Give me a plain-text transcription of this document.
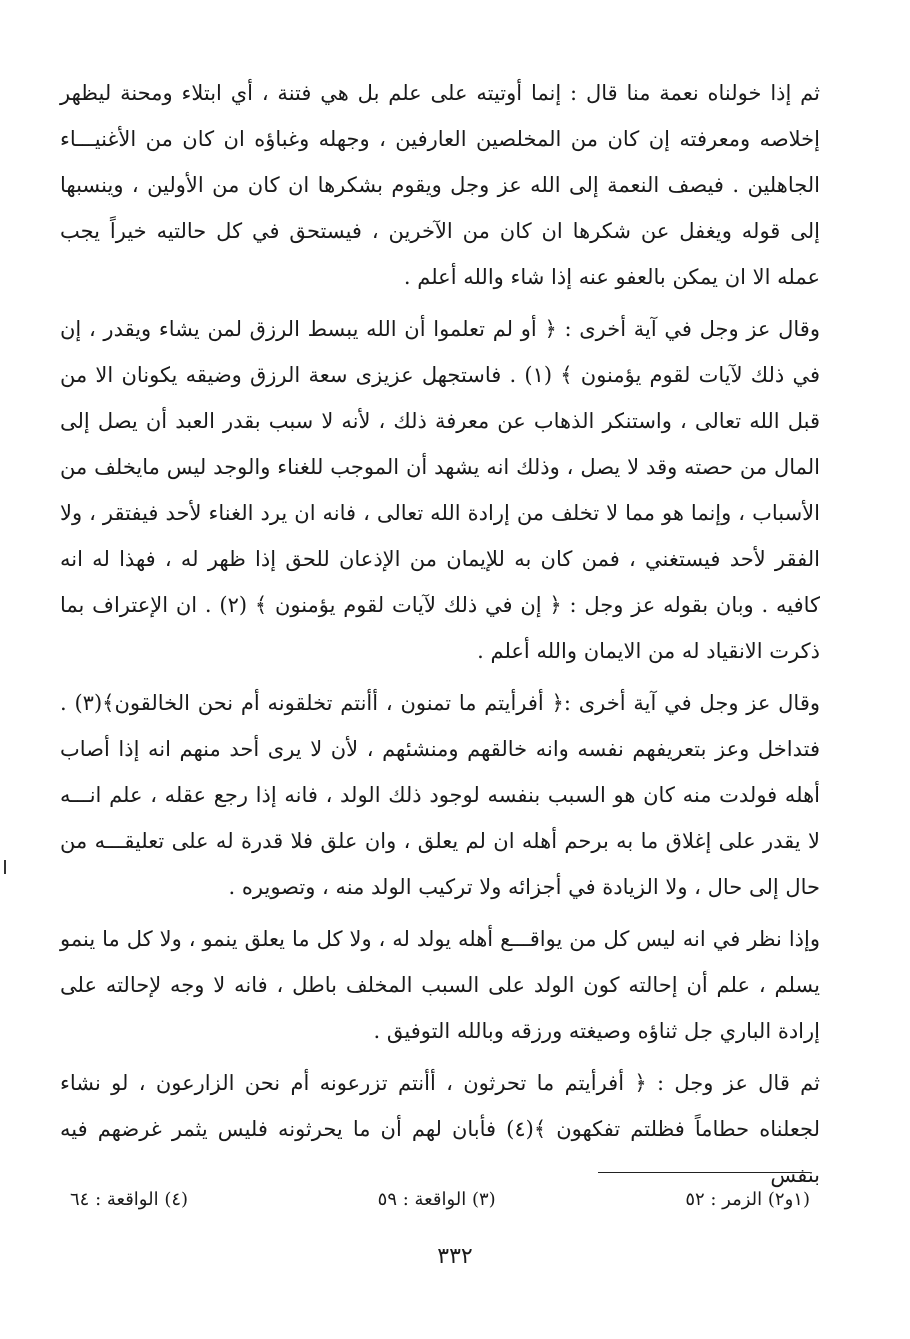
ثم إذا خولناه نعمة منا قال : إنما أوتيته على علم بل هي فتنة ، أي ابتلاء ومحنة ليظهر إخلاصه ومعرفته إن كان من المخلصين العارفين ، وجهله وغباؤه ان كان من الأغنيـــاء الجاهلين . فيصف النعمة إلى الله عز وجل ويقوم بشكرها ان كان من الأولين ، وينسبها إلى قوله ويغفل عن شكرها ان كان من الآخرين ، فيستحق في كل حالتيه خيراً يجب عمله الا ان يمكن بالعفو عنه إذا شاء والله أعلم .

وقال عز وجل في آية أخرى : ﴿ أو لم تعلموا أن الله يبسط الرزق لمن يشاء ويقدر ، إن في ذلك لآيات لقوم يؤمنون ﴾ (١) . فاستجهل عزيزى سعة الرزق وضيقه يكونان الا من قبل الله تعالى ، واستنكر الذهاب عن معرفة ذلك ، لأنه لا سبب بقدر العبد أن يصل إلى المال من حصته وقد لا يصل ، وذلك انه يشهد أن الموجب للغناء والوجد ليس مايخلف من الأسباب ، وإنما هو مما لا تخلف من إرادة الله تعالى ، فانه ان يرد الغناء لأحد فيفتقر ، ولا الفقر لأحد فيستغني ، فمن كان به للإيمان من الإذعان للحق إذا ظهر له ، فهذا له انه كافيه . وبان بقوله عز وجل : ﴿ إن في ذلك لآيات لقوم يؤمنون ﴾ (٢) . ان الإعتراف بما ذكرت الانقياد له من الايمان والله أعلم .

وقال عز وجل في آية أخرى :﴿ أفرأيتم ما تمنون ، أأنتم تخلقونه أم نحن الخالقون﴾(٣) . فتداخل وعز بتعريفهم نفسه وانه خالقهم ومنشئهم ، لأن لا يرى أحد منهم انه إذا أصاب أهله فولدت منه كان هو السبب بنفسه لوجود ذلك الولد ، فانه إذا رجع عقله ، علم انـــه لا يقدر على إغلاق ما به برحم أهله ان لم يعلق ، وان علق فلا قدرة له على تعليقـــه من حال إلى حال ، ولا الزيادة في أجزائه ولا تركيب الولد منه ، وتصويره .

وإذا نظر في انه ليس كل من يواقـــع أهله يولد له ، ولا كل ما يعلق ينمو ، ولا كل ما ينمو يسلم ، علم أن إحالته كون الولد على السبب المخلف باطل ، فانه لا وجه لإحالته على إرادة الباري جل ثناؤه وصيغته ورزقه وبالله التوفيق .

ثم قال عز وجل : ﴿ أفرأيتم ما تحرثون ، أأنتم تزرعونه أم نحن الزارعون ، لو نشاء لجعلناه حطاماً فظلتم تفكهون ﴾(٤) فأبان لهم أن ما يحرثونه فليس يثمر غرضهم فيه بنفس

(١و٢) الزمر : ٥٢
(٣) الواقعة : ٥٩
(٤) الواقعة : ٦٤
٣٣٢
